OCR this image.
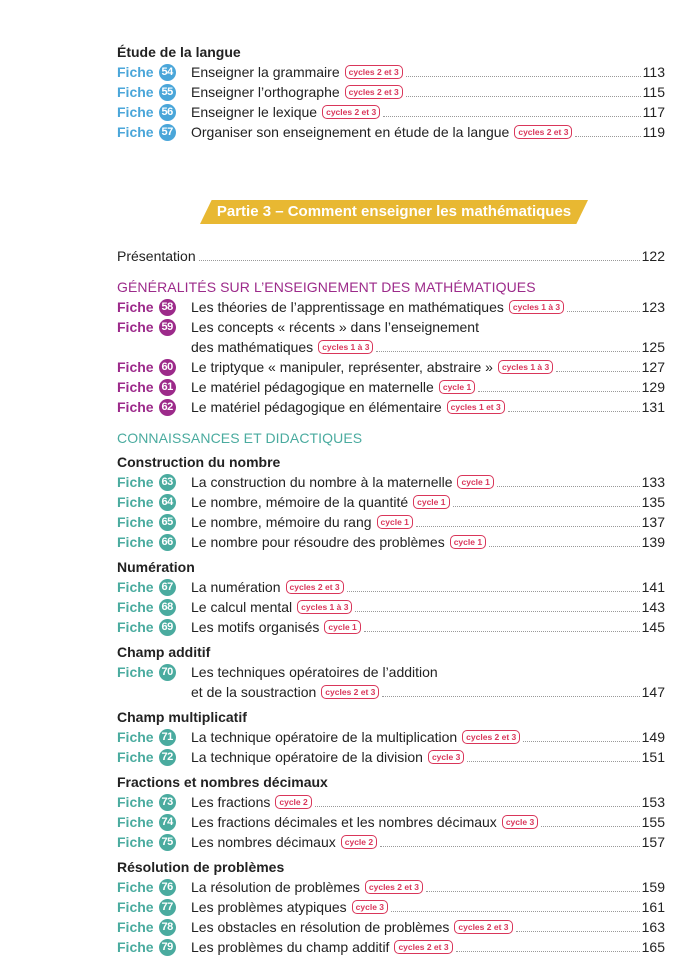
Étude de la langue
Fiche 54 Enseigner la grammaire	cycles 2 et 3	113
Fiche 55 Enseigner l’orthographe	cycles 2 et 3	115
Fiche 56 Enseigner le lexique	cycles 2 et 3	117
Fiche 57 Organiser son enseignement en étude de la langue	cycles 2 et 3	119
Partie 3 – Comment enseigner les mathématiques
Présentation	122
GÉNÉRALITÉS SUR L’ENSEIGNEMENT DES MATHÉMATIQUES
Fiche 58 Les théories de l’apprentissage en mathématiques	cycles 1 à 3	123
Fiche 59 Les concepts « récents » dans l’enseignement
des mathématiques	cycles 1 à 3	125
Fiche 60 Le triptyque « manipuler, représenter, abstraire »	cycles 1 à 3	127
Fiche 61 Le matériel pédagogique en maternelle	cycle 1	129
Fiche 62 Le matériel pédagogique en élémentaire	cycles 1 et 3	131
CONNAISSANCES ET DIDACTIQUES
Construction du nombre
Fiche 63 La construction du nombre à la maternelle	cycle 1	133
Fiche 64 Le nombre, mémoire de la quantité	cycle 1	135
Fiche 65 Le nombre, mémoire du rang	cycle 1	137
Fiche 66 Le nombre pour résoudre des problèmes	cycle 1	139
Numération
Fiche 67 La numération	cycles 2 et 3	141
Fiche 68 Le calcul mental	cycles 1 à 3	143
Fiche 69 Les motifs organisés	cycle 1	145
Champ additif
Fiche 70 Les techniques opératoires de l’addition
et de la soustraction	cycles 2 et 3	147
Champ multiplicatif
Fiche 71 La technique opératoire de la multiplication	cycles 2 et 3	149
Fiche 72 La technique opératoire de la division	cycle 3	151
Fractions et nombres décimaux
Fiche 73 Les fractions	cycle 2	153
Fiche 74 Les fractions décimales et les nombres décimaux	cycle 3	155
Fiche 75 Les nombres décimaux	cycle 2	157
Résolution de problèmes
Fiche 76 La résolution de problèmes	cycles 2 et 3	159
Fiche 77 Les problèmes atypiques	cycle 3	161
Fiche 78 Les obstacles en résolution de problèmes	cycles 2 et 3	163
Fiche 79 Les problèmes du champ additif	cycles 2 et 3	165
